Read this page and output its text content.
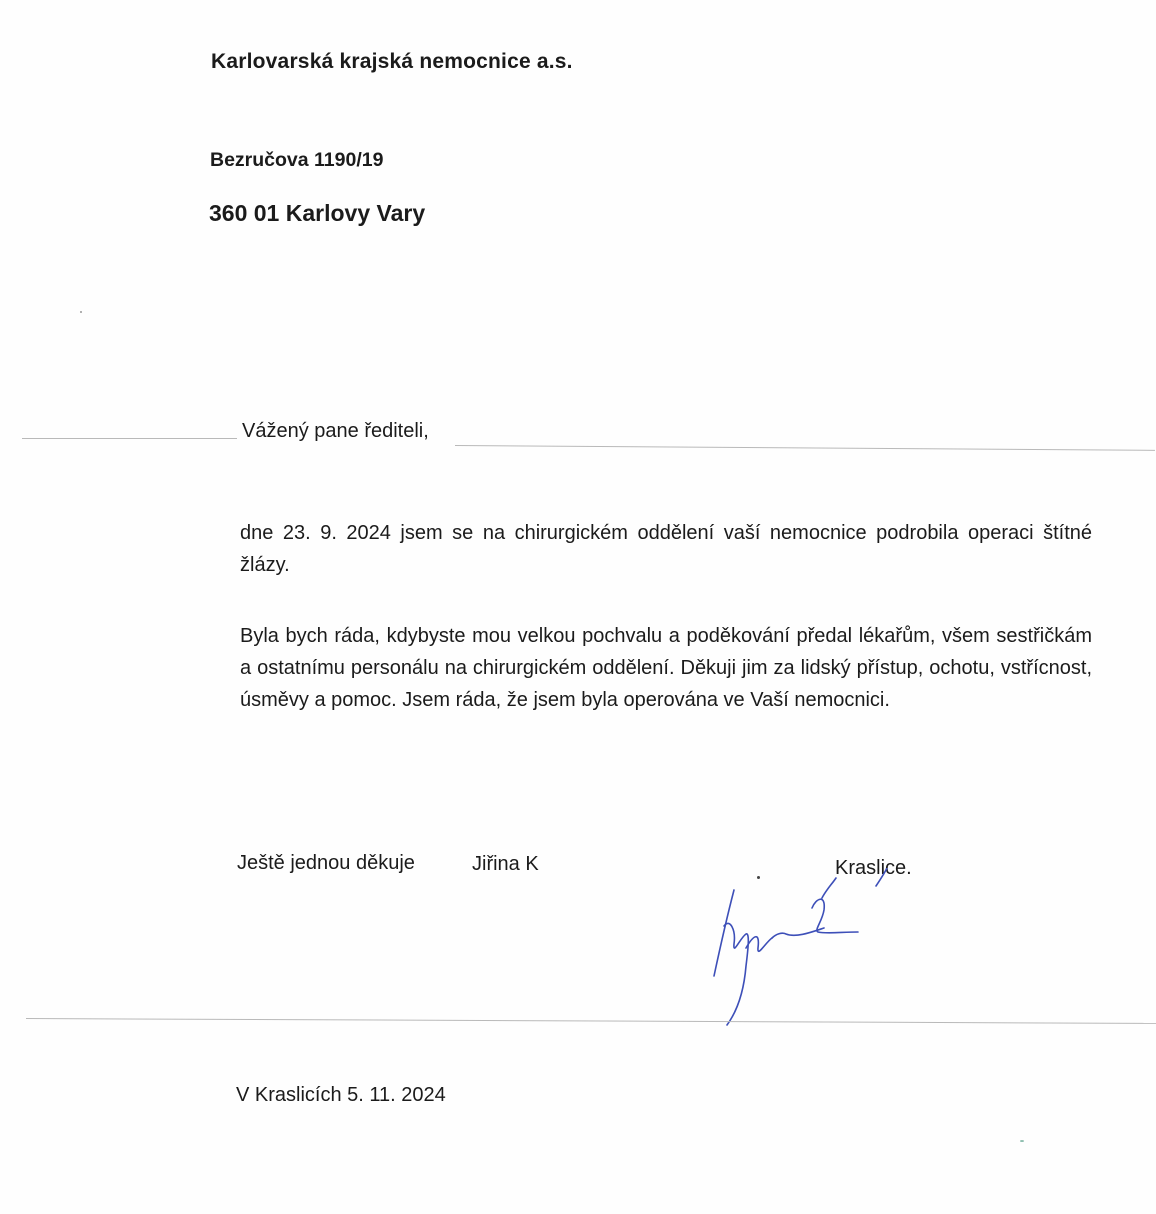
Karlovarská krajská nemocnice a.s.
Bezručova 1190/19
360 01 Karlovy Vary
Vážený pane řediteli,
dne 23. 9. 2024 jsem se na chirurgickém oddělení vaší nemocnice podrobila operaci štítné žlázy.
Byla bych ráda, kdybyste mou velkou pochvalu a poděkování předal lékařům, všem sestřičkám a ostatnímu personálu na chirurgickém oddělení. Děkuji jim za lidský přístup, ochotu, vstřícnost, úsměvy a pomoc. Jsem ráda, že jsem byla operována ve Vaší nemocnici.
Ještě jednou děkuje	Jiřina K	Kraslice.
V Kraslicích 5. 11. 2024
